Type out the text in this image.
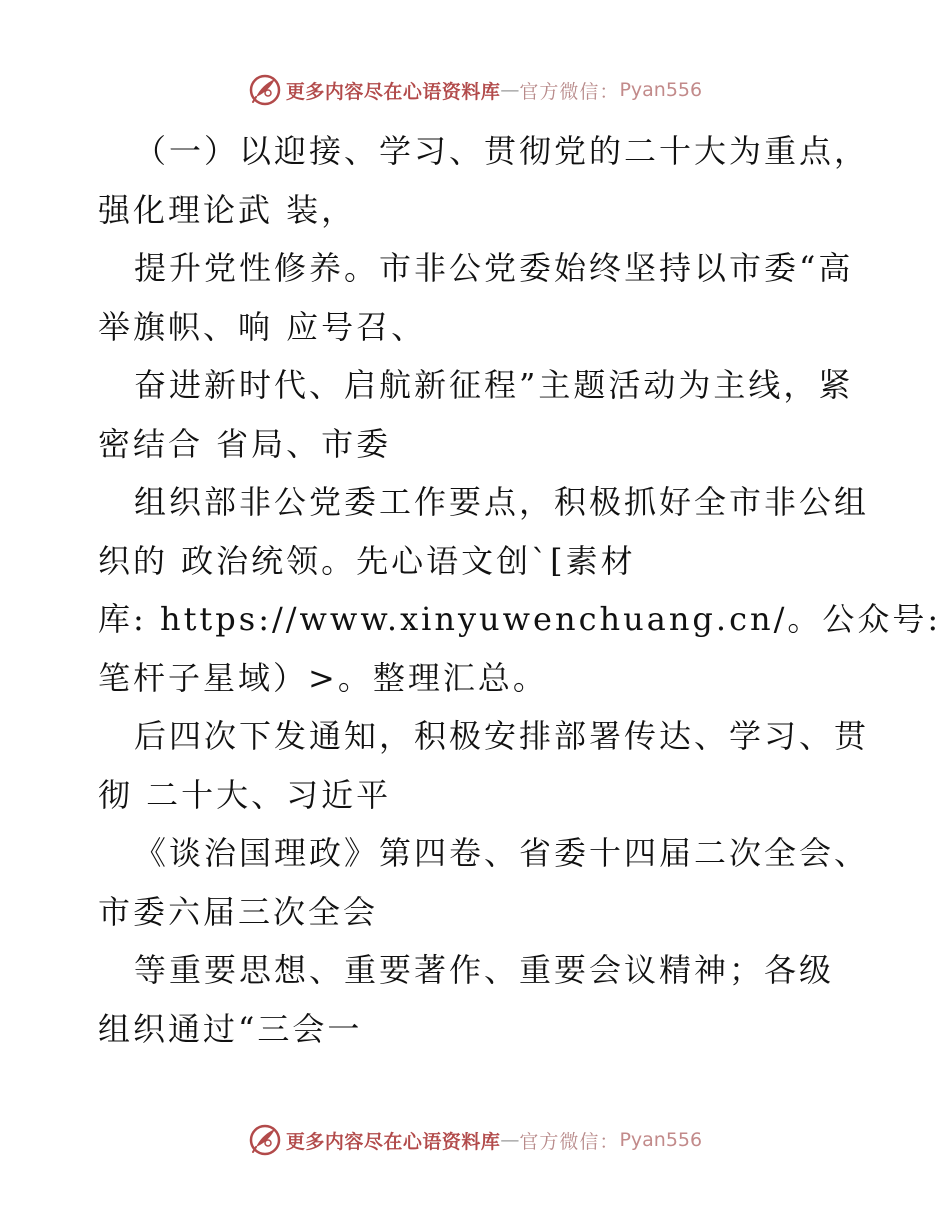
更多内容尽在心语资料库 — 官方微信： Pyan556
（一）以迎接、学习、贯彻党的二十大为重点，
强化理论武 装，
提升党性修养。市非公党委始终坚持以市委“高
举旗帜、响 应号召、
奋进新时代、启航新征程”主题活动为主线，紧
密结合 省局、市委
组织部非公党委工作要点，积极抓好全市非公组
织的 政治统领。先心语文创`[素材
库: https://www.xinyuwenchuang.cn/。公众号:
笔杆子星域）>。整理汇总。
后四次下发通知，积极安排部署传达、学习、贯
彻 二十大、习近平
《谈治国理政》第四卷、省委十四届二次全会、
市委六届三次全会
等重要思想、重要著作、重要会议精神；各级
组织通过“三会一
更多内容尽在心语资料库 — 官方微信： Pyan556
